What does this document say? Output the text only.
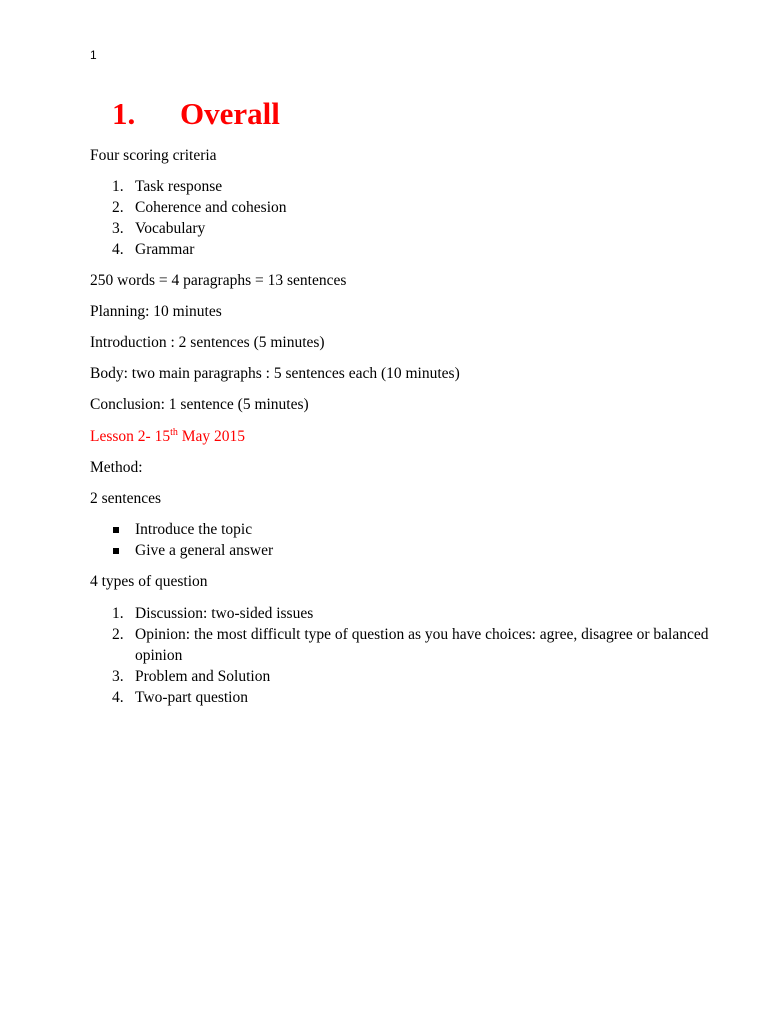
1
1. Overall
Four scoring criteria
1. Task response
2. Coherence and cohesion
3. Vocabulary
4. Grammar
250 words = 4 paragraphs = 13 sentences
Planning: 10 minutes
Introduction : 2 sentences (5 minutes)
Body: two main paragraphs : 5 sentences each (10 minutes)
Conclusion: 1 sentence (5 minutes)
Lesson 2- 15th May 2015
Method:
2 sentences
Introduce the topic
Give a general answer
4 types of question
1. Discussion: two-sided issues
2. Opinion: the most difficult type of question as you have choices: agree, disagree or balanced opinion
3. Problem and Solution
4. Two-part question
